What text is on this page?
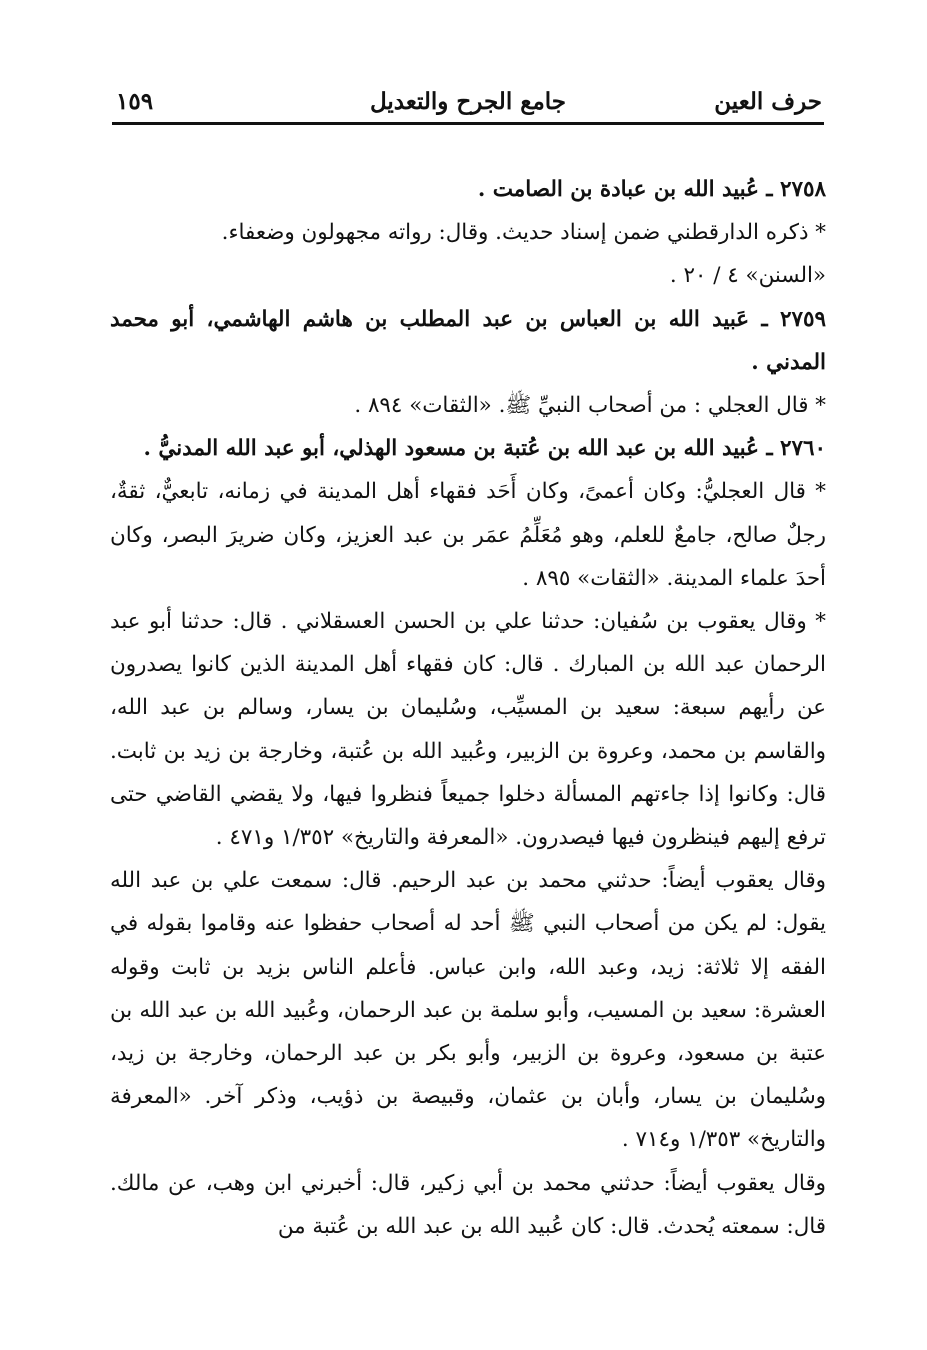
حرف العين
جامع الجرح والتعديل
١٥٩

٢٧٥٨ ـ عُبيد الله بن عبادة بن الصامت .

* ذكره الدارقطني ضمن إسناد حديث. وقال: رواته مجهولون وضعفاء.

«السنن» ٤ / ٢٠ .

٢٧٥٩ ـ عَبيد الله بن العباس بن عبد المطلب بن هاشم الهاشمي، أبو محمد المدني .

* قال العجلي : من أصحاب النبيِّ ﷺ. «الثقات» ٨٩٤ .

٢٧٦٠ ـ عُبيد الله بن عبد الله بن عُتبة بن مسعود الهذلي، أبو عبد الله المدنيُّ .

* قال العجليُّ: وكان أعمىً، وكان أَحَد فقهاء أهل المدينة في زمانه، تابعيٌّ، ثقةٌ، رجلٌ صالح، جامعٌ للعلم، وهو مُعَلِّمُ عمَر بن عبد العزيز، وكان ضريرَ البصر، وكان أحدَ علماء المدينة. «الثقات» ٨٩٥ .

* وقال يعقوب بن سُفيان: حدثنا علي بن الحسن العسقلاني . قال: حدثنا أبو عبد الرحمان عبد الله بن المبارك . قال: كان فقهاء أهل المدينة الذين كانوا يصدرون عن رأيهم سبعة: سعيد بن المسيِّب، وسُليمان بن يسار، وسالم بن عبد الله، والقاسم بن محمد، وعروة بن الزبير، وعُبيد الله بن عُتبة، وخارجة بن زيد بن ثابت. قال: وكانوا إذا جاءتهم المسألة دخلوا جميعاً فنظروا فيها، ولا يقضي القاضي حتى ترفع إليهم فينظرون فيها فيصدرون. «المعرفة والتاريخ» ١/٣٥٢ و٤٧١ .

وقال يعقوب أيضاً: حدثني محمد بن عبد الرحيم. قال: سمعت علي بن عبد الله يقول: لم يكن من أصحاب النبي ﷺ أحد له أصحاب حفظوا عنه وقاموا بقوله في الفقه إلا ثلاثة: زيد، وعبد الله، وابن عباس. فأعلم الناس بزيد بن ثابت وقوله العشرة: سعيد بن المسيب، وأبو سلمة بن عبد الرحمان، وعُبيد الله بن عبد الله بن عتبة بن مسعود، وعروة بن الزبير، وأبو بكر بن عبد الرحمان، وخارجة بن زيد، وسُليمان بن يسار، وأبان بن عثمان، وقبيصة بن ذؤيب، وذكر آخر. «المعرفة والتاريخ» ١/٣٥٣ و٧١٤ .

وقال يعقوب أيضاً: حدثني محمد بن أبي زكير، قال: أخبرني ابن وهب، عن مالك. قال: سمعته يُحدث. قال: كان عُبيد الله بن عبد الله بن عُتبة من
